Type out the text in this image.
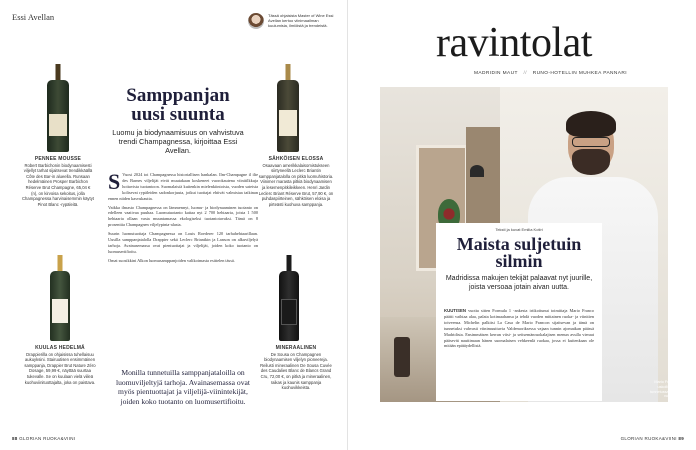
Essi Avellan	Tässä ohjaisista Master of Wine Essi Avellan kertoo viinimaailman kuulumisia, ilmiöistä ja trendeistä.
PENNEE MOUSSE
Robert Barbichonin biodynaamisesti viljellyt tarhat sijaitsevat trendikkäällä Côte des Bar-in alueella. Runsaan hedelmäinen Prosper Barbichon Réserve Brut Champagne, 65,04 € (n), on kirvoisa sekoitus, jolla Champagnessa harvinaisemmin käytyt Pinot Blanc -rypäleitä.
SÄHKÖISEN ELOSSA
Osaavaan amerikkalaisomistukseen siirtyneellä Leclerc Briantin samppanjatalolla on pitkä luomuhistoria. Viinimer marasta pitkiä biodynaamisen ja lesemenpitkileikkeen. Henri Jardin Leclerc Briant Réserve Brut, 57,90 €, on puhdaspiirteinen, sähköisen eloisa ja pirteästi kuohuva samppanja.
KUULAS HEDELMÄ
Drappierilla on ohjaisissa tuhellaisuu aukuyksini. Stairuutisen ensimmäinen samppanja, Drappier Brut Nature Zéro Dosage, 59,99 €, näyttää suurtaa tukevalle. Se on kuulaan vielä viileä kuohuviinituottajalta, joka on paistava.
MINERAALINEN
De Sousa on Champagnen biodynaamisen viljelyn pioneereja. Reilusti mineraalinen De Sousa Cuvée des Caudalies Blanc de Blancs Grand Cru, 72,00 €, on pitkä ja mineraalinen, raikas ja kaunis samppanja kuohuvikkeista.
Samppanjan uusi suunta

Luomu ja biodynaamisuus on vahvistuva trendi Champagnessa, kirjoittaa Essi Avellan.

S Vuosi 2024 toi Champagnessa historiallisen hankalan. Ilm-Champagne il ilte des Barnes viljelijät eivät muutakaan koskeneet vuorokautena viinitilkkuja hoitavista tuotantoon. Suomalaisiä kuitenkin mielenkiintoista, vuoden sateista kolisevat rypäleiden sadonkorjuuta, jotkut tuottajat ehtivät valmistaa taikinan ennen niiden kasvukautta.

Vaikka ilmasto Champagnessa on lämmennyt, luomu- ja biodynaaminen tuotanto on edelleen vaativaa puuhaa. Luomutuotanto kattaa nyt 2 700 hehtaaria, joista 1 500 hehtaaria ollaan vasta muuntamassa ekologiseksi tuotantotavaksi. Tämä on 8 prosenttia Champagnen viljelypinta-alasta.

Suurin luomutuottaja Champagnessa on Louis Roederer 120 tarhahehtaarillaan. Uusilla samppanjatalolla Drappier sekä Leclerc Briantkin ja Lanson on alkuviljelyä tarhoja. Avainasemassa ovat pientuottajat ja viljelijät, joiden koko tuotanto on luomusertifioitu.

Omat suosikkini Alkon luomusamppanjoiden valikoimasta esittelen tässä.

Monilla tunnetuilla samppanjataloilla on luomuviljeltyjä tarhoja. Avainasemassa ovat myös pientuottajat ja viljelijä-viinintekijät, joiden koko tuotanto on luomusertifioitu.
88 GLORIAN RUOKA&VIINI
ravintolat
MADRIDIN MAUT // RUNO-HOTELLIN MUHKEA PANNARI
Teksti ja kuvat Emilia Kotiri
Maista suljetuin silmin
Madridissa makujen tekijät palaavat nyt juurille, joista versoaa jotain aivan uutta.
KUUTISEN vuotta sitten Formula 1 -ankesta irtikoitunut toimittaja Mario Franco päätti vaihtaa alaa, palata kotimaahansa ja tehdä vuoden mittainen ruoka- ja viinitien toiveensa. Michelin palkitsi La Casa de Mario Francon sijaitsevan ja tämä on tunnetuksi vahvasti viinimuuttuvia Valdemoriksessa vajaan tunnin ajomatkan päässä Madridista. Ensimmäisen kerran viisi- ja seitsemänruokalajisen menun avulla vieraat pääsevät nauttimaan hänen suomalaisen vehkeenlä ruokaa, jossa ei kuitenkaan ole mitään epätäydellistä.
Mario Franco on ollut uskollinen Madridin tunnetussa ravintolassa vuodesta 2016.
GLORIAN RUOKA&VIINI 89
